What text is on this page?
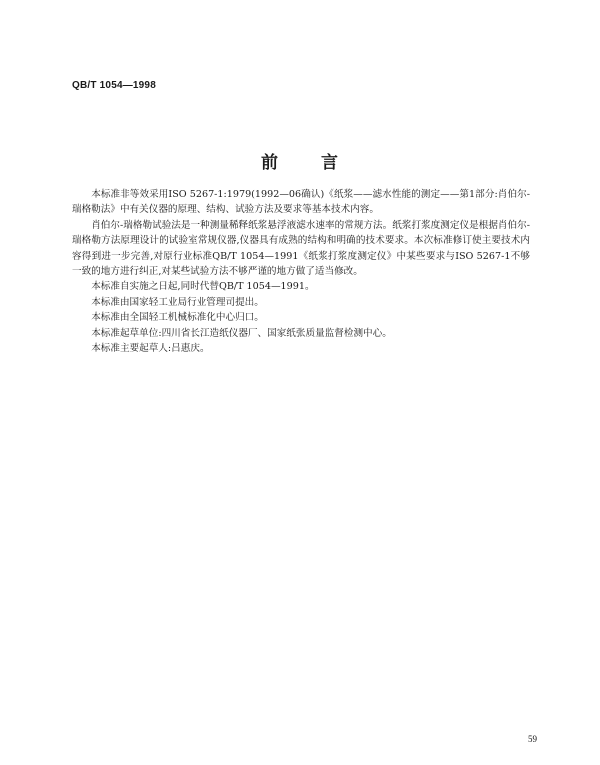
QB/T 1054—1998
前 言

本标准非等效采用ISO 5267-1:1979(1992—06确认)《纸浆——滤水性能的测定——第1部分:肖伯尔-瑞格勒法》中有关仪器的原理、结构、试验方法及要求等基本技术内容。

肖伯尔-瑞格勒试验法是一种测量稀释纸浆悬浮液滤水速率的常规方法。纸浆打浆度测定仪是根据肖伯尔-瑞格勒方法原理设计的试验室常规仪器,仪器具有成熟的结构和明确的技术要求。本次标准修订使主要技术内容得到进一步完善,对原行业标准QB/T 1054—1991《纸浆打浆度测定仪》中某些要求与ISO 5267-1不够一致的地方进行纠正,对某些试验方法不够严谨的地方做了适当修改。

本标准自实施之日起,同时代替QB/T 1054—1991。

本标准由国家轻工业局行业管理司提出。

本标准由全国轻工机械标准化中心归口。

本标准起草单位:四川省长江造纸仪器厂、国家纸张质量监督检测中心。

本标准主要起草人:吕惠庆。

59
